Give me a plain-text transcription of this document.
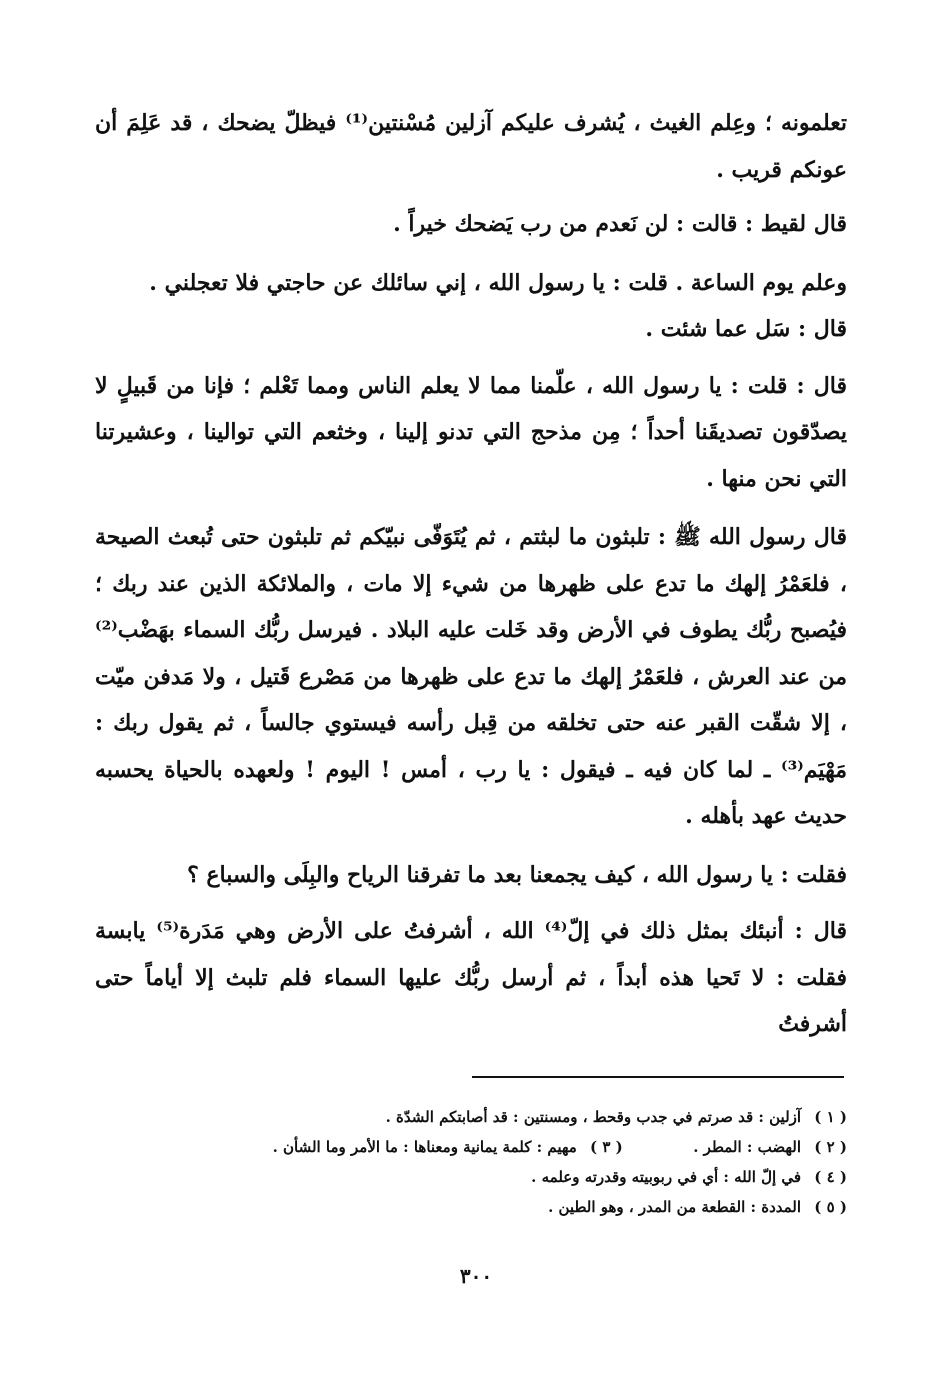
تعلمونه ؛ وعِلم الغيث ، يُشرف عليكم آزلين مُسْنتين⁽¹⁾ فيظلّ يضحك ، قد عَلِمَ أن عونكم قريب .

قال لقيط : قالت : لن نَعدم من رب يَضحك خيراً .

وعلم يوم الساعة . قلت : يا رسول الله ، إني سائلك عن حاجتي فلا تعجلني .

قال : سَل عما شئت .

قال : قلت : يا رسول الله ، علّمنا مما لا يعلم الناس ومما تَعْلم ؛ فإنا من قَبيلٍ لا يصدّقون تصديقَنا أحداً ؛ مِن مذحج التي تدنو إلينا ، وخثعم التي توالينا ، وعشيرتنا التي نحن منها .

قال رسول الله ﷺ : تلبثون ما لبثتم ، ثم يُتَوَفّى نبيّكم ثم تلبثون حتى تُبعث الصيحة ، فلعَمْرُ إلهك ما تدع على ظهرها من شيء إلا مات ، والملائكة الذين عند ربك ؛ فيُصبح ربُّك يطوف في الأرض وقد خَلت عليه البلاد . فيرسل ربُّك السماء بهَضْب⁽²⁾ من عند العرش ، فلعَمْرُ إلهك ما تدع على ظهرها من مَصْرع قَتيل ، ولا مَدفن ميّت ، إلا شقّت القبر عنه حتى تخلقه من قِبل رأسه فيستوي جالساً ، ثم يقول ربك : مَهْيَم⁽³⁾ ـ لما كان فيه ـ فيقول : يا رب ، أمس ! اليوم ! ولعهده بالحياة يحسبه حديث عهد بأهله .

فقلت : يا رسول الله ، كيف يجمعنا بعد ما تفرقنا الرياح والبِلَى والسباع ؟

قال : أنبئك بمثل ذلك في إلّ⁽⁴⁾ الله ، أشرفتُ على الأرض وهي مَدَرة⁽⁵⁾ يابسة فقلت : لا تَحيا هذه أبداً ، ثم أرسل ربُّك عليها السماء فلم تلبث إلا أياماً حتى أشرفتُ

( ١ ) آزلين : قد صرتم في جدب وقحط ، ومسنتين : قد أصابتكم الشدّة .

( ٢ ) الهضب : المطر .  ( ٣ ) مهيم : كلمة يمانية ومعناها : ما الأمر وما الشأن .

( ٤ ) في إلّ الله : أي في ربوبيته وقدرته وعلمه .

( ٥ ) المددة : القطعة من المدر ، وهو الطين .

٣٠٠
